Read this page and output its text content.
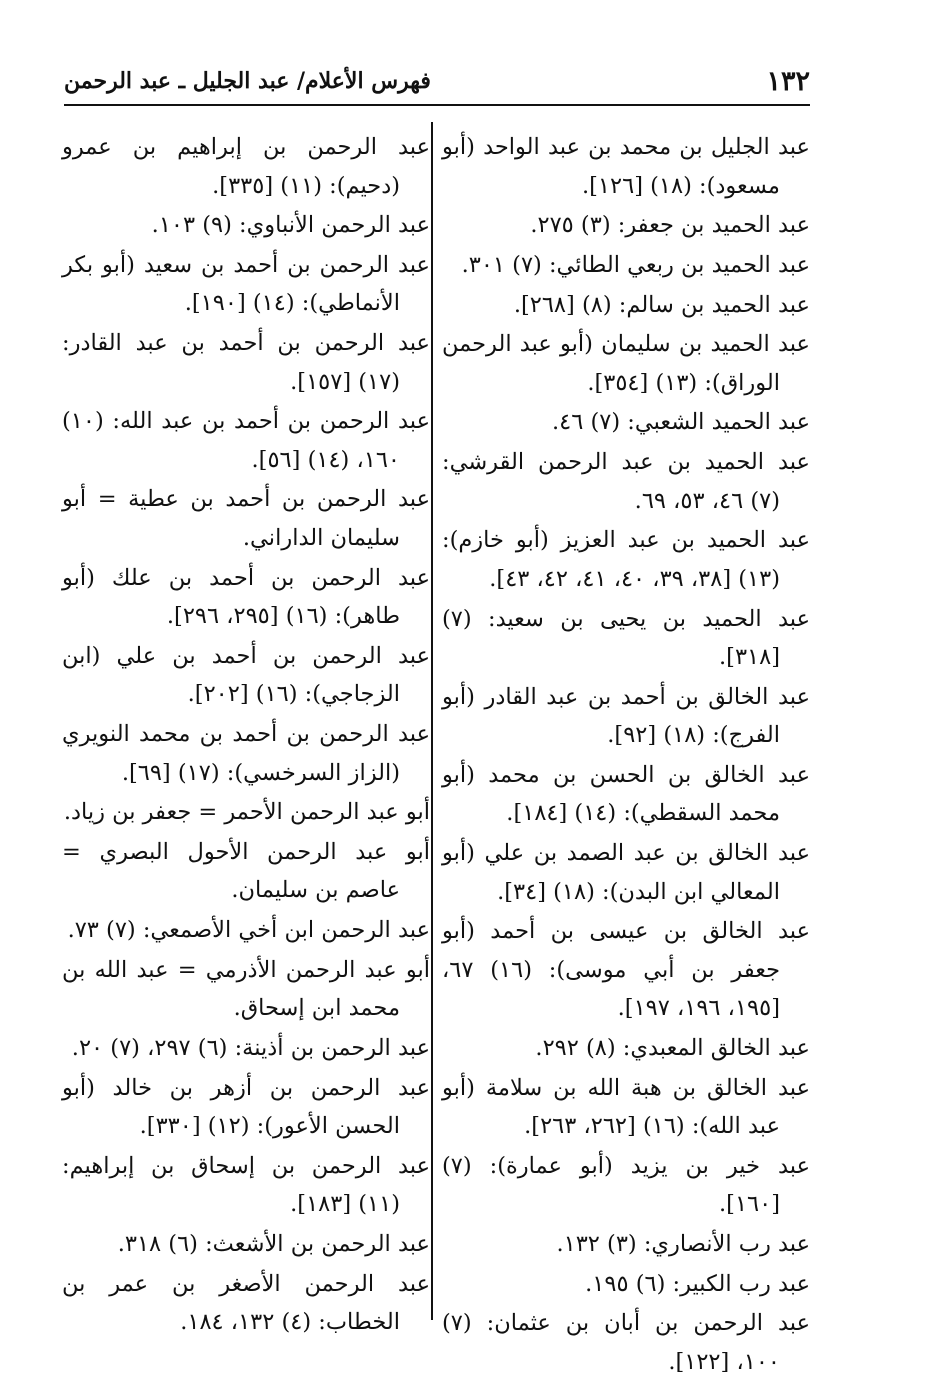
١٣٢
فهرس الأعلام/ عبد الجليل ـ عبد الرحمن

عبد الجليل بن محمد بن عبد الواحد (أبو مسعود): (١٨) [١٢٦].

عبد الحميد بن جعفر: (٣) ٢٧٥.

عبد الحميد بن ربعي الطائي: (٧) ٣٠١.

عبد الحميد بن سالم: (٨) [٢٦٨].

عبد الحميد بن سليمان (أبو عبد الرحمن الوراق): (١٣) [٣٥٤].

عبد الحميد الشعبي: (٧) ٤٦.

عبد الحميد بن عبد الرحمن القرشي: (٧) ٤٦، ٥٣، ٦٩.

عبد الحميد بن عبد العزيز (أبو خازم): (١٣) [٣٨، ٣٩، ٤٠، ٤١، ٤٢، ٤٣].

عبد الحميد بن يحيى بن سعيد: (٧) [٣١٨].

عبد الخالق بن أحمد بن عبد القادر (أبو الفرج): (١٨) [٩٢].

عبد الخالق بن الحسن بن محمد (أبو محمد السقطي): (١٤) [١٨٤].

عبد الخالق بن عبد الصمد بن علي (أبو المعالي ابن البدن): (١٨) [٣٤].

عبد الخالق بن عيسى بن أحمد (أبو جعفر بن أبي موسى): (١٦) ٦٧، [١٩٥، ١٩٦، ١٩٧].

عبد الخالق المعبدي: (٨) ٢٩٢.

عبد الخالق بن هبة الله بن سلامة (أبو عبد الله): (١٦) [٢٦٢، ٢٦٣].

عبد خير بن يزيد (أبو عمارة): (٧) [١٦٠].

عبد رب الأنصاري: (٣) ١٣٢.

عبد رب الكبير: (٦) ١٩٥.

عبد الرحمن بن أبان بن عثمان: (٧) ١٠٠، [١٢٢].

عبد الرحمن بن إبراهيم بن عمرو (دحيم): (١١) [٣٣٥].

عبد الرحمن الأنباوي: (٩) ١٠٣.

عبد الرحمن بن أحمد بن سعيد (أبو بكر الأنماطي): (١٤) [١٩٠].

عبد الرحمن بن أحمد بن عبد القادر: (١٧) [١٥٧].

عبد الرحمن بن أحمد بن عبد الله: (١٠) ١٦٠، (١٤) [٥٦].

عبد الرحمن بن أحمد بن عطية = أبو سليمان الداراني.

عبد الرحمن بن أحمد بن علك (أبو طاهر): (١٦) [٢٩٥، ٢٩٦].

عبد الرحمن بن أحمد بن علي (ابن الزجاجي): (١٦) [٢٠٢].

عبد الرحمن بن أحمد بن محمد النويري (الزاز السرخسي): (١٧) [٦٩].

أبو عبد الرحمن الأحمر = جعفر بن زياد.

أبو عبد الرحمن الأحول البصري = عاصم بن سليمان.

عبد الرحمن ابن أخي الأصمعي: (٧) ٧٣.

أبو عبد الرحمن الأذرمي = عبد الله بن محمد ابن إسحاق.

عبد الرحمن بن أذينة: (٦) ٢٩٧، (٧) ٢٠.

عبد الرحمن بن أزهر بن خالد (أبو الحسن الأعور): (١٢) [٣٣٠].

عبد الرحمن بن إسحاق بن إبراهيم: (١١) [١٨٣].

عبد الرحمن بن الأشعث: (٦) ٣١٨.

عبد الرحمن الأصغر بن عمر بن الخطاب: (٤) ١٣٢، ١٨٤.
